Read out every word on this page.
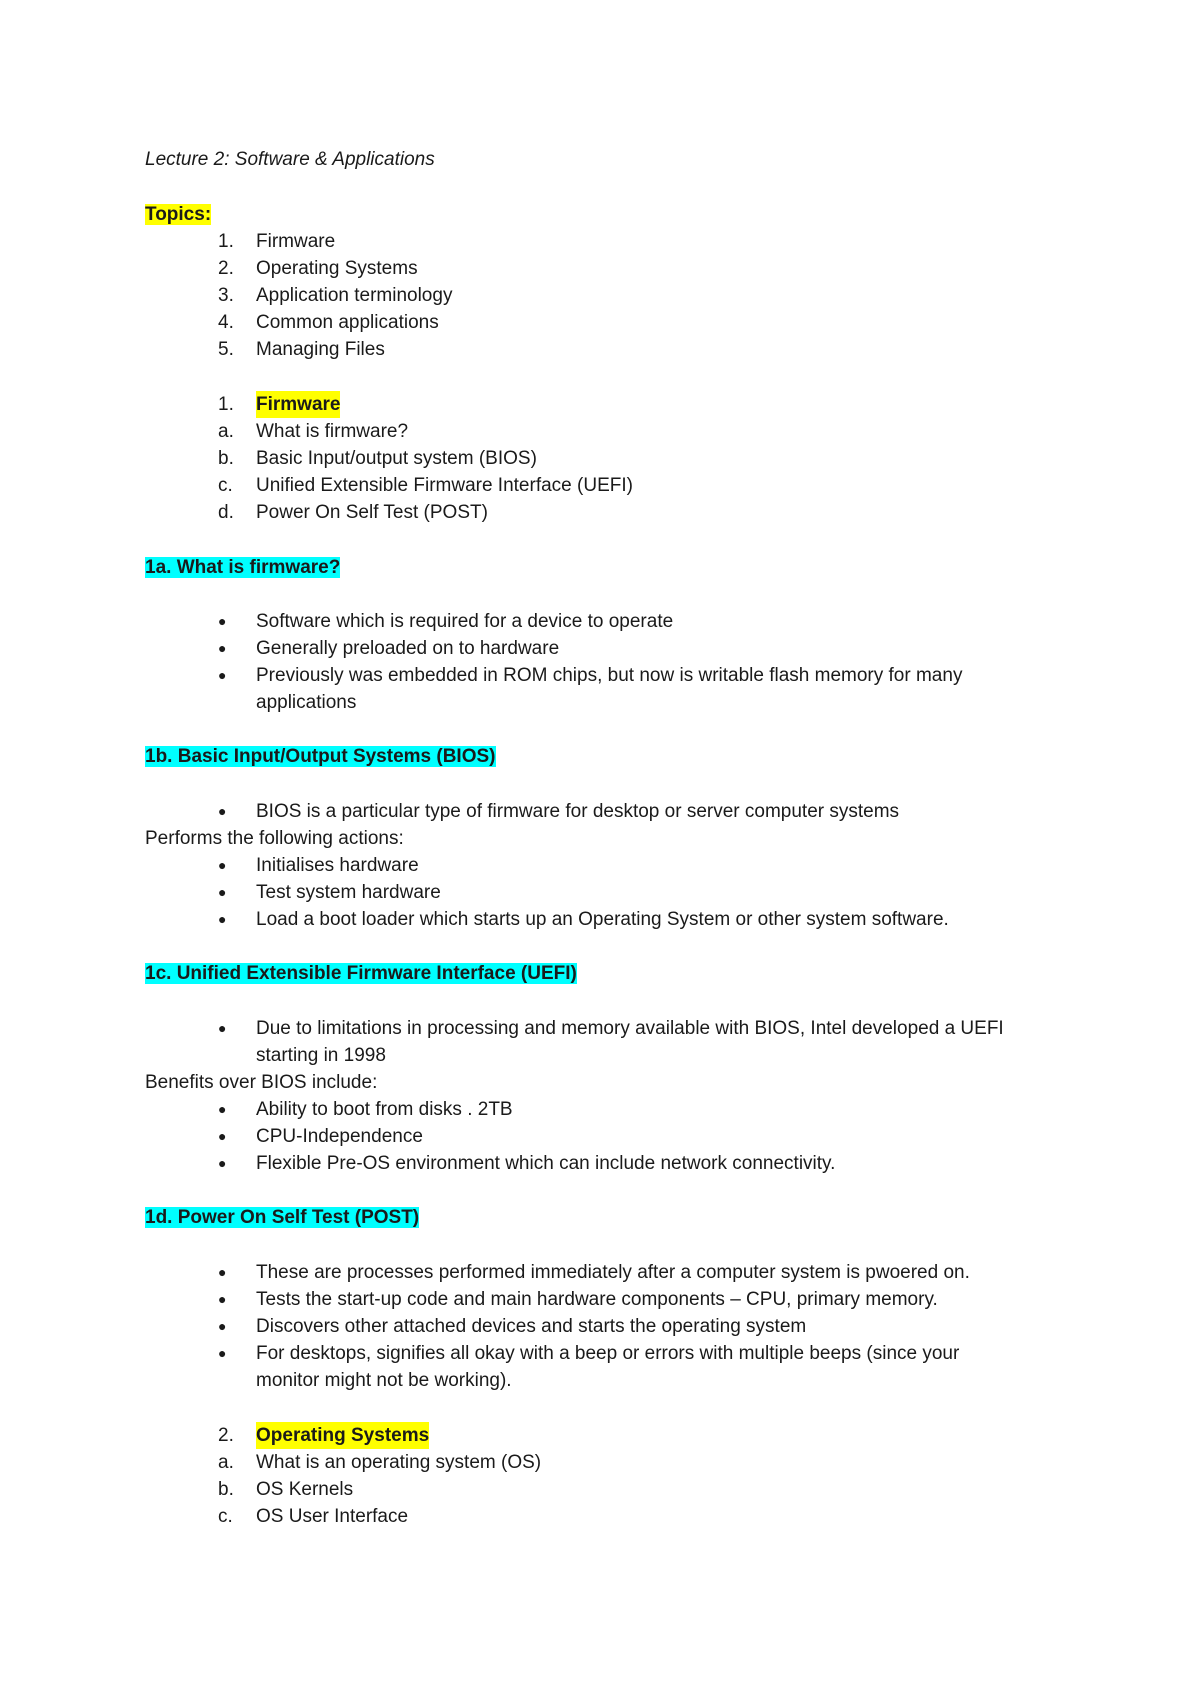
Lecture 2: Software & Applications
Topics:
1.	Firmware
2.	Operating Systems
3.	Application terminology
4.	Common applications
5.	Managing Files
1.	Firmware
a.	What is firmware?
b.	Basic Input/output system (BIOS)
c.	Unified Extensible Firmware Interface (UEFI)
d.	Power On Self Test (POST)
1a. What is firmware?
● Software which is required for a device to operate
● Generally preloaded on to hardware
● Previously was embedded in ROM chips, but now is writable flash memory for many
applications
1b. Basic Input/Output Systems (BIOS)
● BIOS is a particular type of firmware for desktop or server computer systems
Performs the following actions:
● Initialises hardware
● Test system hardware
● Load a boot loader which starts up an Operating System or other system software.
1c. Unified Extensible Firmware Interface (UEFI)
● Due to limitations in processing and memory available with BIOS, Intel developed a UEFI
starting in 1998
Benefits over BIOS include:
● Ability to boot from disks . 2TB
● CPU-Independence
● Flexible Pre-OS environment which can include network connectivity.
1d. Power On Self Test (POST)
● These are processes performed immediately after a computer system is pwoered on.
● Tests the start-up code and main hardware components – CPU, primary memory.
● Discovers other attached devices and starts the operating system
● For desktops, signifies all okay with a beep or errors with multiple beeps (since your
monitor might not be working).
2.	Operating Systems
a.	What is an operating system (OS)
b.	OS Kernels
c.	OS User Interface
